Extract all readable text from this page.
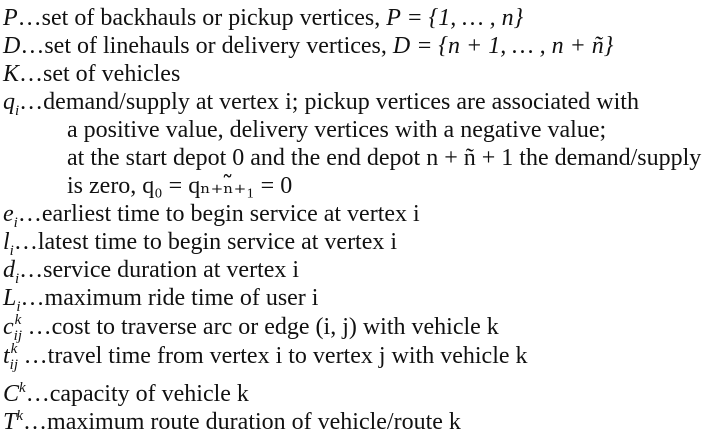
P…set of backhauls or pickup vertices, P = {1, … , n}
D…set of linehauls or delivery vertices, D = {n + 1, … , n + ñ}
K…set of vehicles
$q_i\dots demand$/supply at vertex i; pickup vertices are associated with
a positive value, delivery vertices with a negative value;
at the start depot 0 and the end depot n + ñ + 1 the demand/supply
is zero, q₀ = qₙ₊ₙ̃₊₁ = 0
$e_i\dots earliest$ time to begin service at vertex i
$l_i\dots latest$ time to begin service at vertex i
$d_i\dots service$ duration at vertex i
$L_i\dots maximum$ ride time of user i
c k
ij …cost to traverse arc or edge (i, j) with vehicle k
t k
ij …travel time from vertex i to vertex j with vehicle k
$C^k\dots capacity$ of vehicle k
$T^k\dots maximum$ route duration of vehicle/route k
